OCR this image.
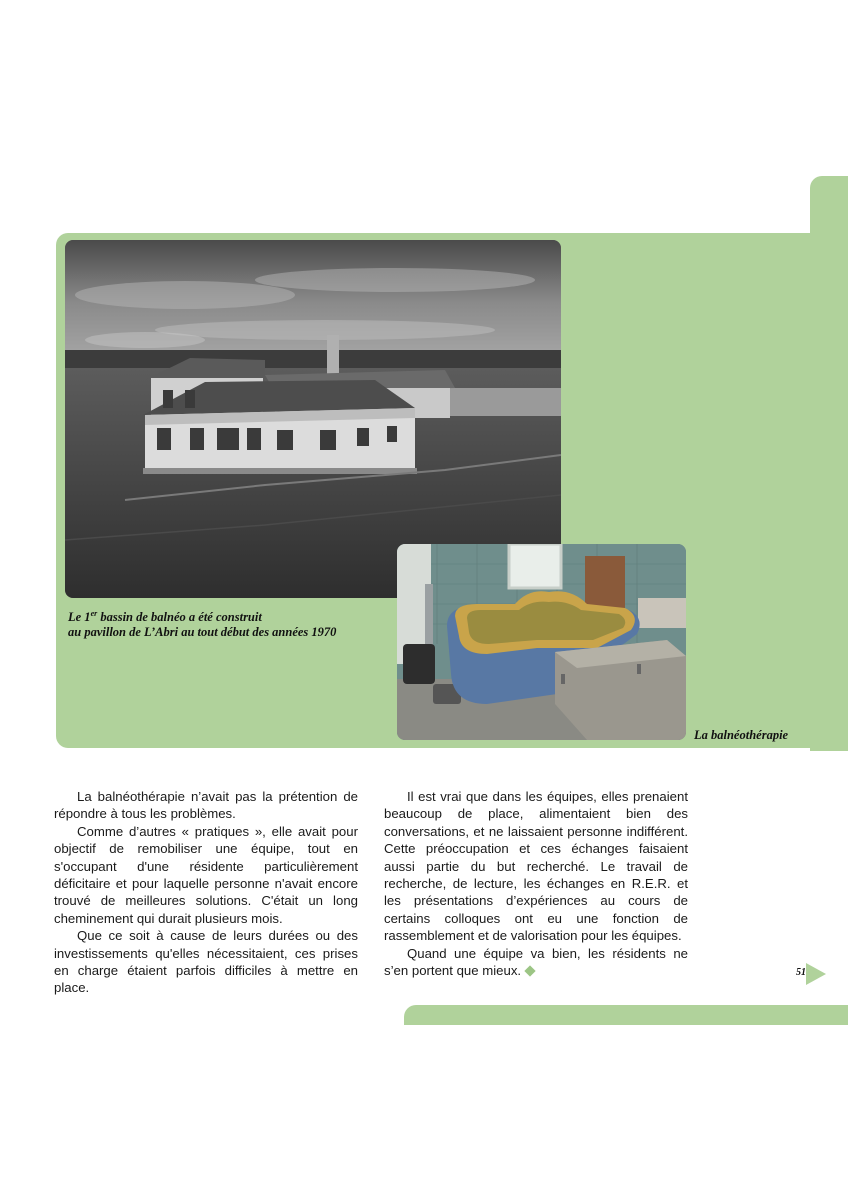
Le 1er bassin de balnéo a été construit
au pavillon de L’Abri au tout début des années 1970

La balnéothérapie

La balnéothérapie n’avait pas la prétention de répondre à tous les problèmes.

Comme d’autres « pratiques », elle avait pour objectif de remobiliser une équipe, tout en s'occupant d'une résidente particulièrement déficitaire et pour laquelle personne n'avait encore trouvé de meilleures solutions. C'était un long cheminement qui durait plusieurs mois.

Que ce soit à cause de leurs durées ou des investissements qu'elles nécessitaient, ces prises en charge étaient parfois difficiles à mettre en place.

Il est vrai que dans les équipes, elles prenaient beaucoup de place, alimentaient bien des conversations, et ne laissaient personne indifférent. Cette préoccupation et ces échanges faisaient aussi partie du but recherché. Le travail de recherche, de lecture, les échanges en R.E.R. et les présentations d’expériences au cours de certains colloques ont eu une fonction de rassemblement et de valorisation pour les équipes.

Quand une équipe va bien, les résidents ne s’en portent que mieux.	51
